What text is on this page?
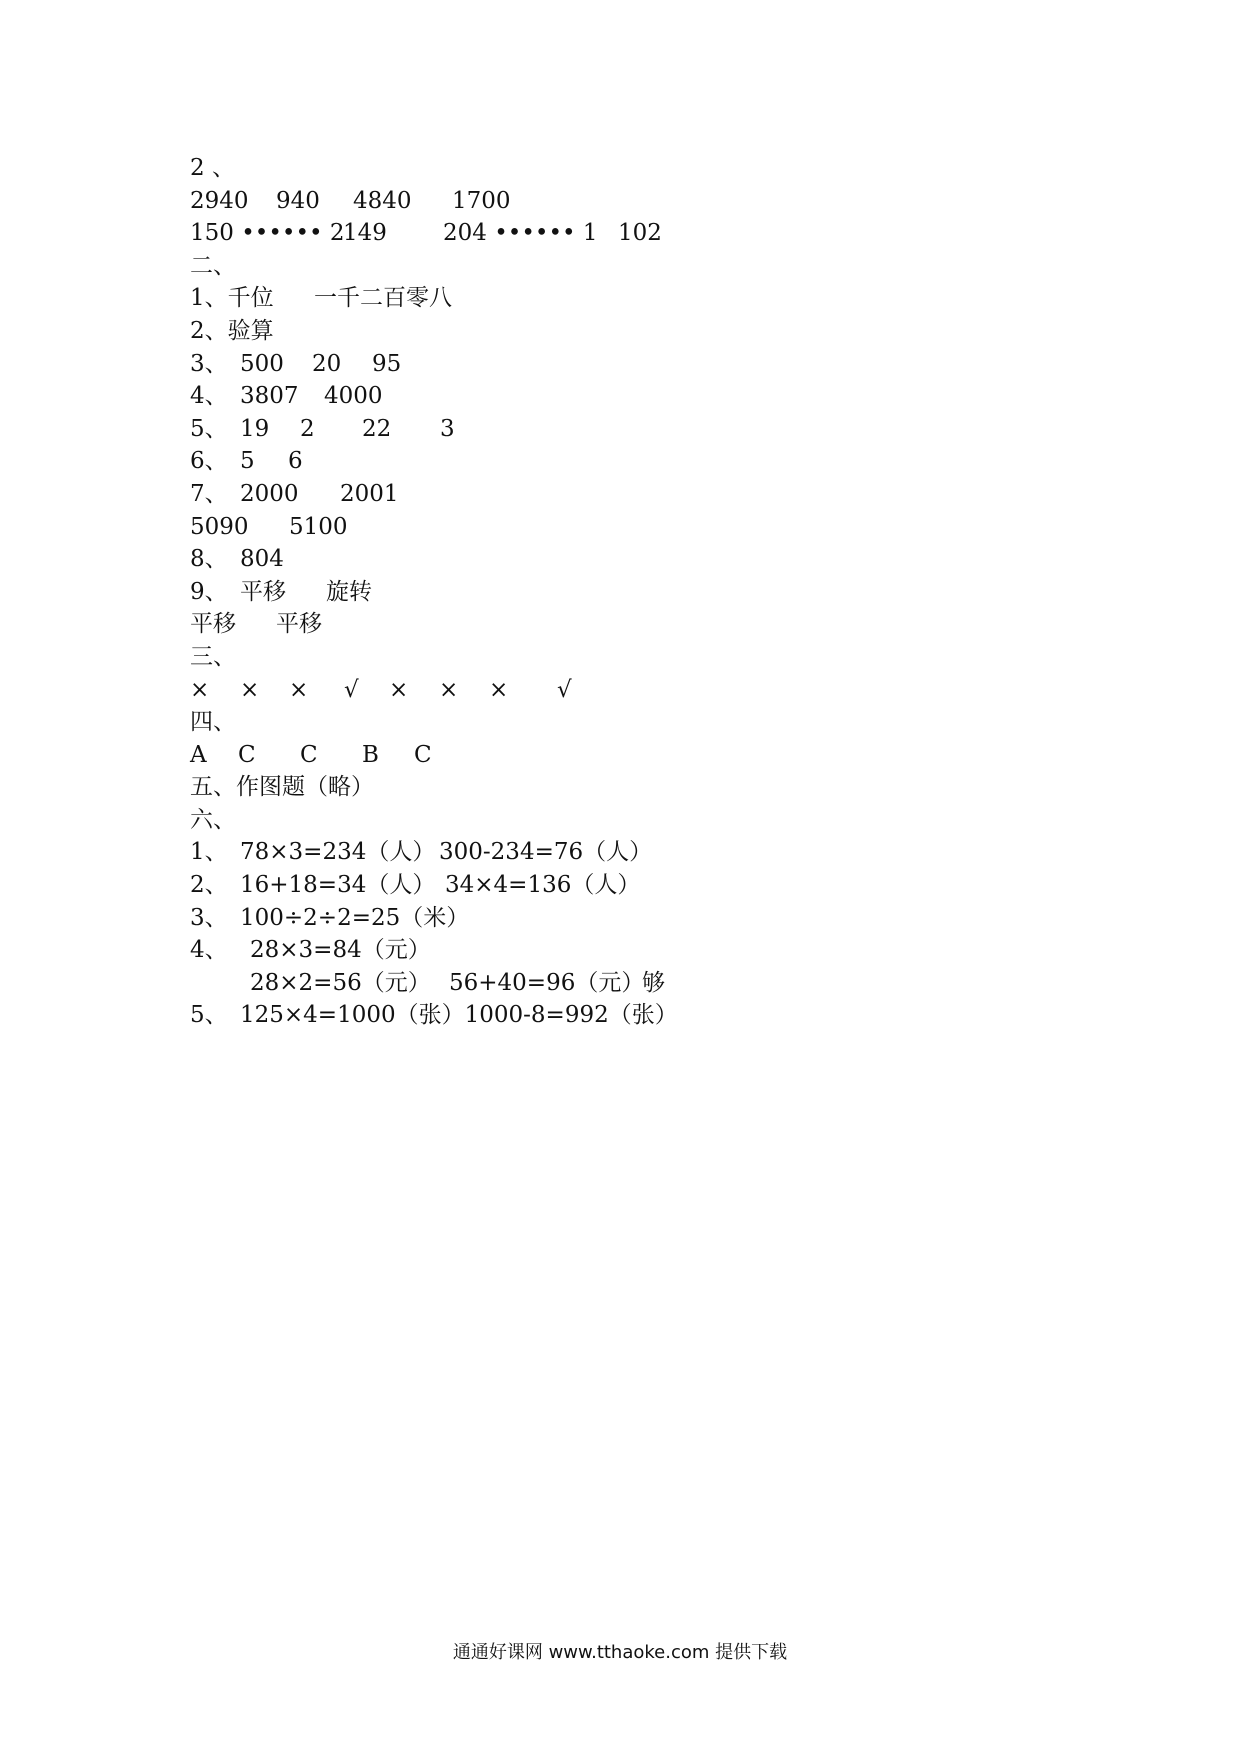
2 、
2940 940 4840 1700
150 •••••• 2
149 204 •••••• 1 102
二、
1、千位 一千二百零八
2、验算
3、 500 20 95
4、 3807 4000
5、 19 2 22 3
6、 5 6
7、 2000 2001
5090 5100
8、 804
9、 平移 旋转
平移 平移
三、
× × × √ × × × √
四、
A C C B C
五、作图题（略）
六、
1、 78×3=234（人） 300-234=76（人）
2、 16+18=34（人） 34×4=136（人）
3、 100÷2÷2=25（米）
4、 28×3=84（元）
28×2=56（元） 56+40=96（元）
够
5、 125×4=1000（张）1000-8=992（张）
通通好课网 www.tthaoke.com 提供下载
